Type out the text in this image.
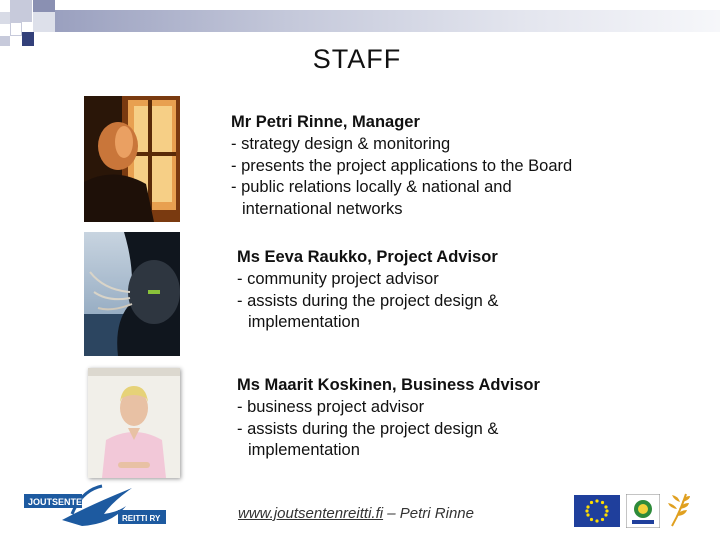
STAFF
Mr Petri Rinne, Manager
- strategy design & monitoring
- presents the project applications to the Board
- public relations locally & national and
international networks
Ms Eeva Raukko, Project Advisor
- community project advisor
- assists during the project design &
implementation
Ms Maarit Koskinen, Business Advisor
- business project advisor
- assists during the project design &
implementation
JOUTSENTEN
REITTI RY	www.joutsentenreitti.fi – Petri Rinne
